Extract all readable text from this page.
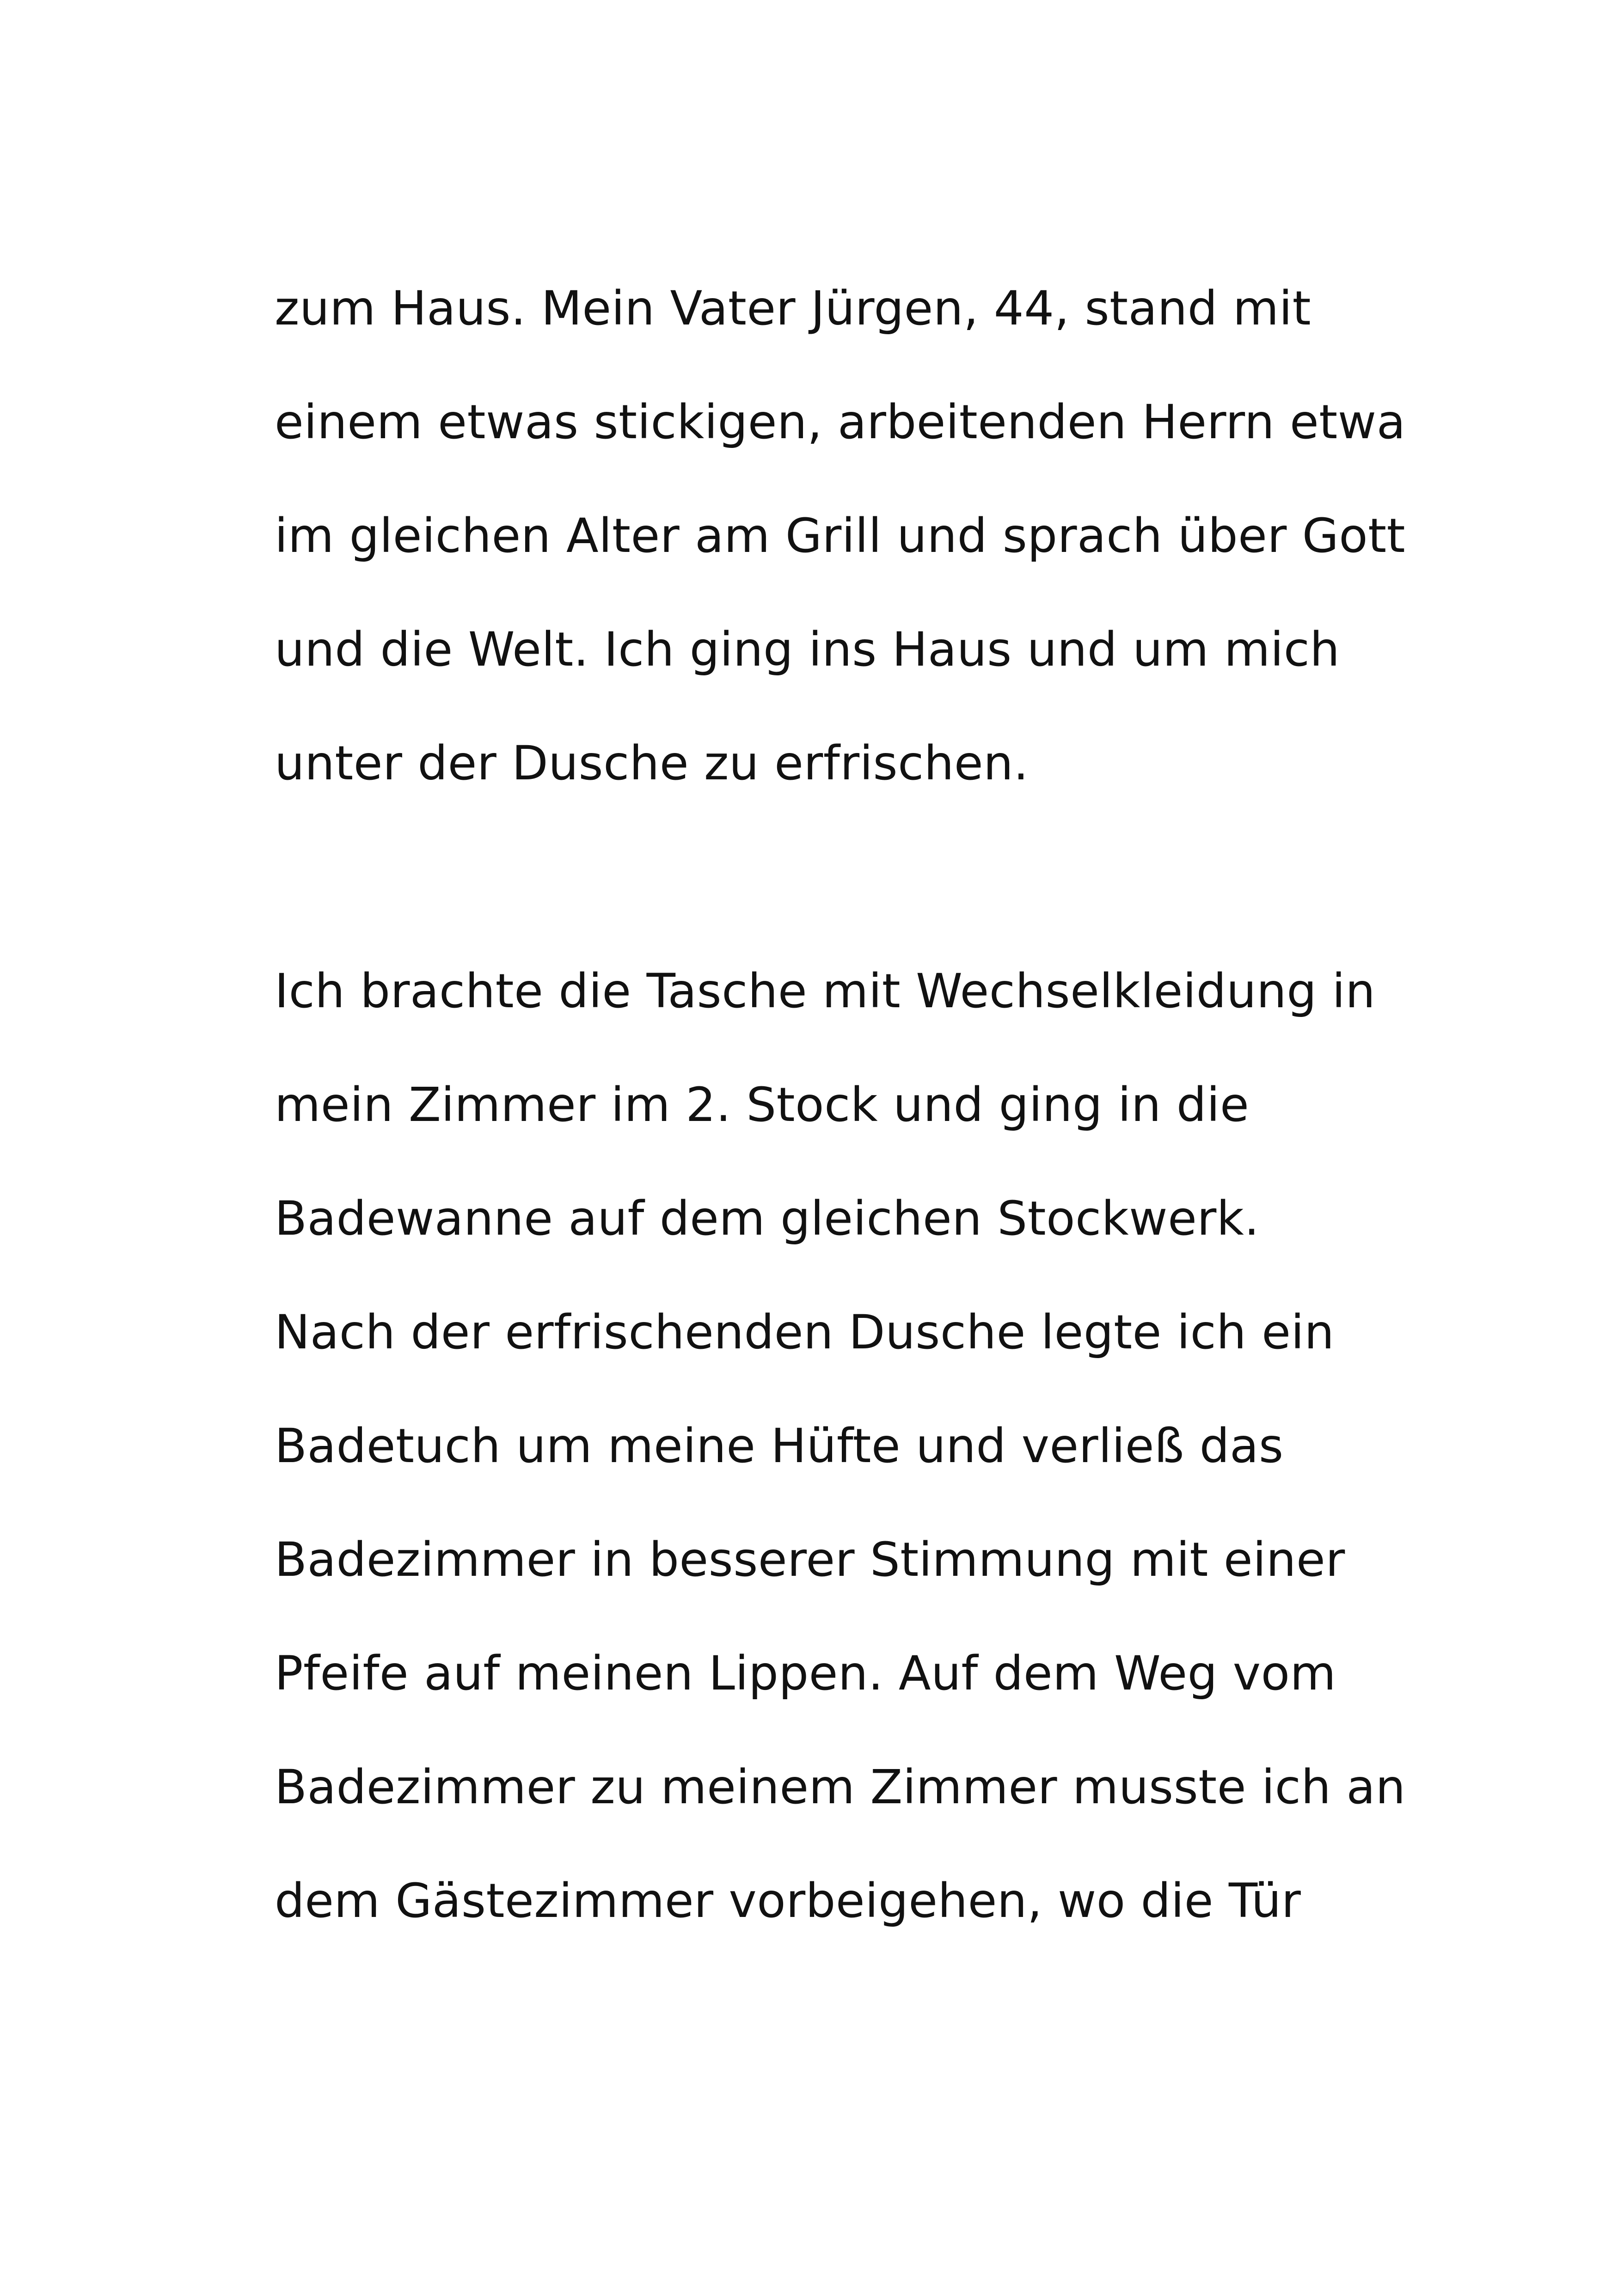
zum Haus. Mein Vater Jürgen, 44, stand mit
einem etwas stickigen, arbeitenden Herrn etwa
im gleichen Alter am Grill und sprach über Gott
und die Welt. Ich ging ins Haus und um mich
unter der Dusche zu erfrischen.

Ich brachte die Tasche mit Wechselkleidung in
mein Zimmer im 2. Stock und ging in die
Badewanne auf dem gleichen Stockwerk.
Nach der erfrischenden Dusche legte ich ein
Badetuch um meine Hüfte und verließ das
Badezimmer in besserer Stimmung mit einer
Pfeife auf meinen Lippen. Auf dem Weg vom
Badezimmer zu meinem Zimmer musste ich an
dem Gästezimmer vorbeigehen, wo die Tür
